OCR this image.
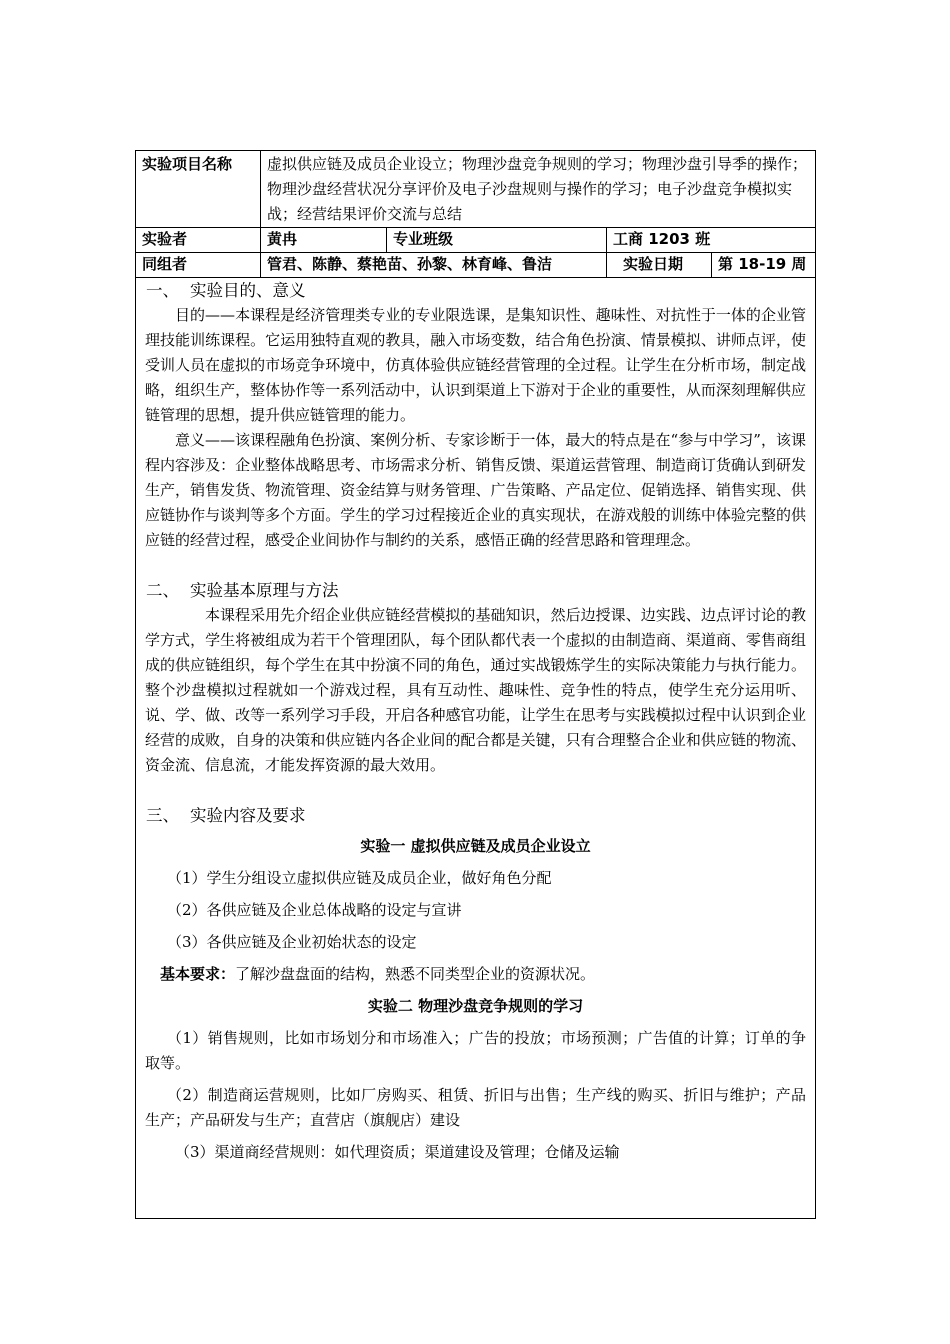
实验项目名称	虚拟供应链及成员企业设立；物理沙盘竞争规则的学习；物理沙盘引导季的操作；物理沙盘经营状况分享评价及电子沙盘规则与操作的学习；电子沙盘竞争模拟实战；经营结果评价交流与总结
实验者	黄冉	专业班级	工商 1203 班
同组者	管君、陈静、蔡艳苗、孙黎、林育峰、鲁洁	实验日期	第 18-19 周

一、 实验目的、意义

目的——本课程是经济管理类专业的专业限选课，是集知识性、趣味性、对抗性于一体的企业管理技能训练课程。它运用独特直观的教具，融入市场变数，结合角色扮演、情景模拟、讲师点评，使受训人员在虚拟的市场竞争环境中，仿真体验供应链经营管理的全过程。让学生在分析市场，制定战略，组织生产，整体协作等一系列活动中，认识到渠道上下游对于企业的重要性，从而深刻理解供应链管理的思想，提升供应链管理的能力。

意义——该课程融角色扮演、案例分析、专家诊断于一体，最大的特点是在“参与中学习”，该课程内容涉及：企业整体战略思考、市场需求分析、销售反馈、渠道运营管理、制造商订货确认到研发生产，销售发货、物流管理、资金结算与财务管理、广告策略、产品定位、促销选择、销售实现、供应链协作与谈判等多个方面。学生的学习过程接近企业的真实现状，在游戏般的训练中体验完整的供应链的经营过程，感受企业间协作与制约的关系，感悟正确的经营思路和管理理念。

二、 实验基本原理与方法

本课程采用先介绍企业供应链经营模拟的基础知识，然后边授课、边实践、边点评讨论的教学方式，学生将被组成为若干个管理团队，每个团队都代表一个虚拟的由制造商、渠道商、零售商组成的供应链组织，每个学生在其中扮演不同的角色，通过实战锻炼学生的实际决策能力与执行能力。整个沙盘模拟过程就如一个游戏过程，具有互动性、趣味性、竞争性的特点，使学生充分运用听、说、学、做、改等一系列学习手段，开启各种感官功能，让学生在思考与实践模拟过程中认识到企业经营的成败，自身的决策和供应链内各企业间的配合都是关键，只有合理整合企业和供应链的物流、资金流、信息流，才能发挥资源的最大效用。

三、 实验内容及要求

实验一 虚拟供应链及成员企业设立

（1）学生分组设立虚拟供应链及成员企业，做好角色分配

（2）各供应链及企业总体战略的设定与宣讲

（3）各供应链及企业初始状态的设定

基本要求：了解沙盘盘面的结构，熟悉不同类型企业的资源状况。

实验二 物理沙盘竞争规则的学习

（1）销售规则，比如市场划分和市场准入；广告的投放；市场预测；广告值的计算；订单的争取等。

（2）制造商运营规则，比如厂房购买、租赁、折旧与出售；生产线的购买、折旧与维护；产品生产；产品研发与生产；直营店（旗舰店）建设

（3）渠道商经营规则：如代理资质；渠道建设及管理；仓储及运输
